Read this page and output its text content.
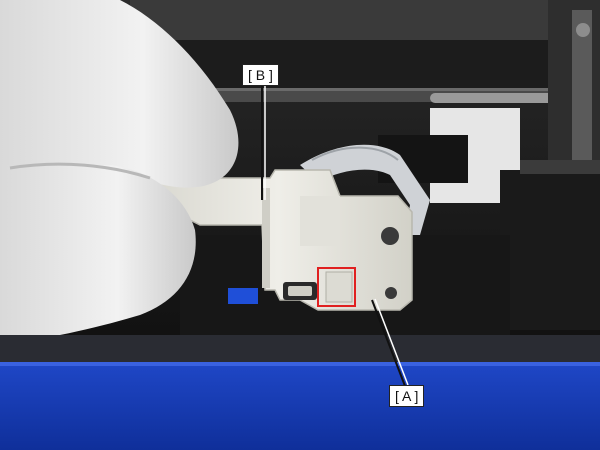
[ B ]
[ A ]
